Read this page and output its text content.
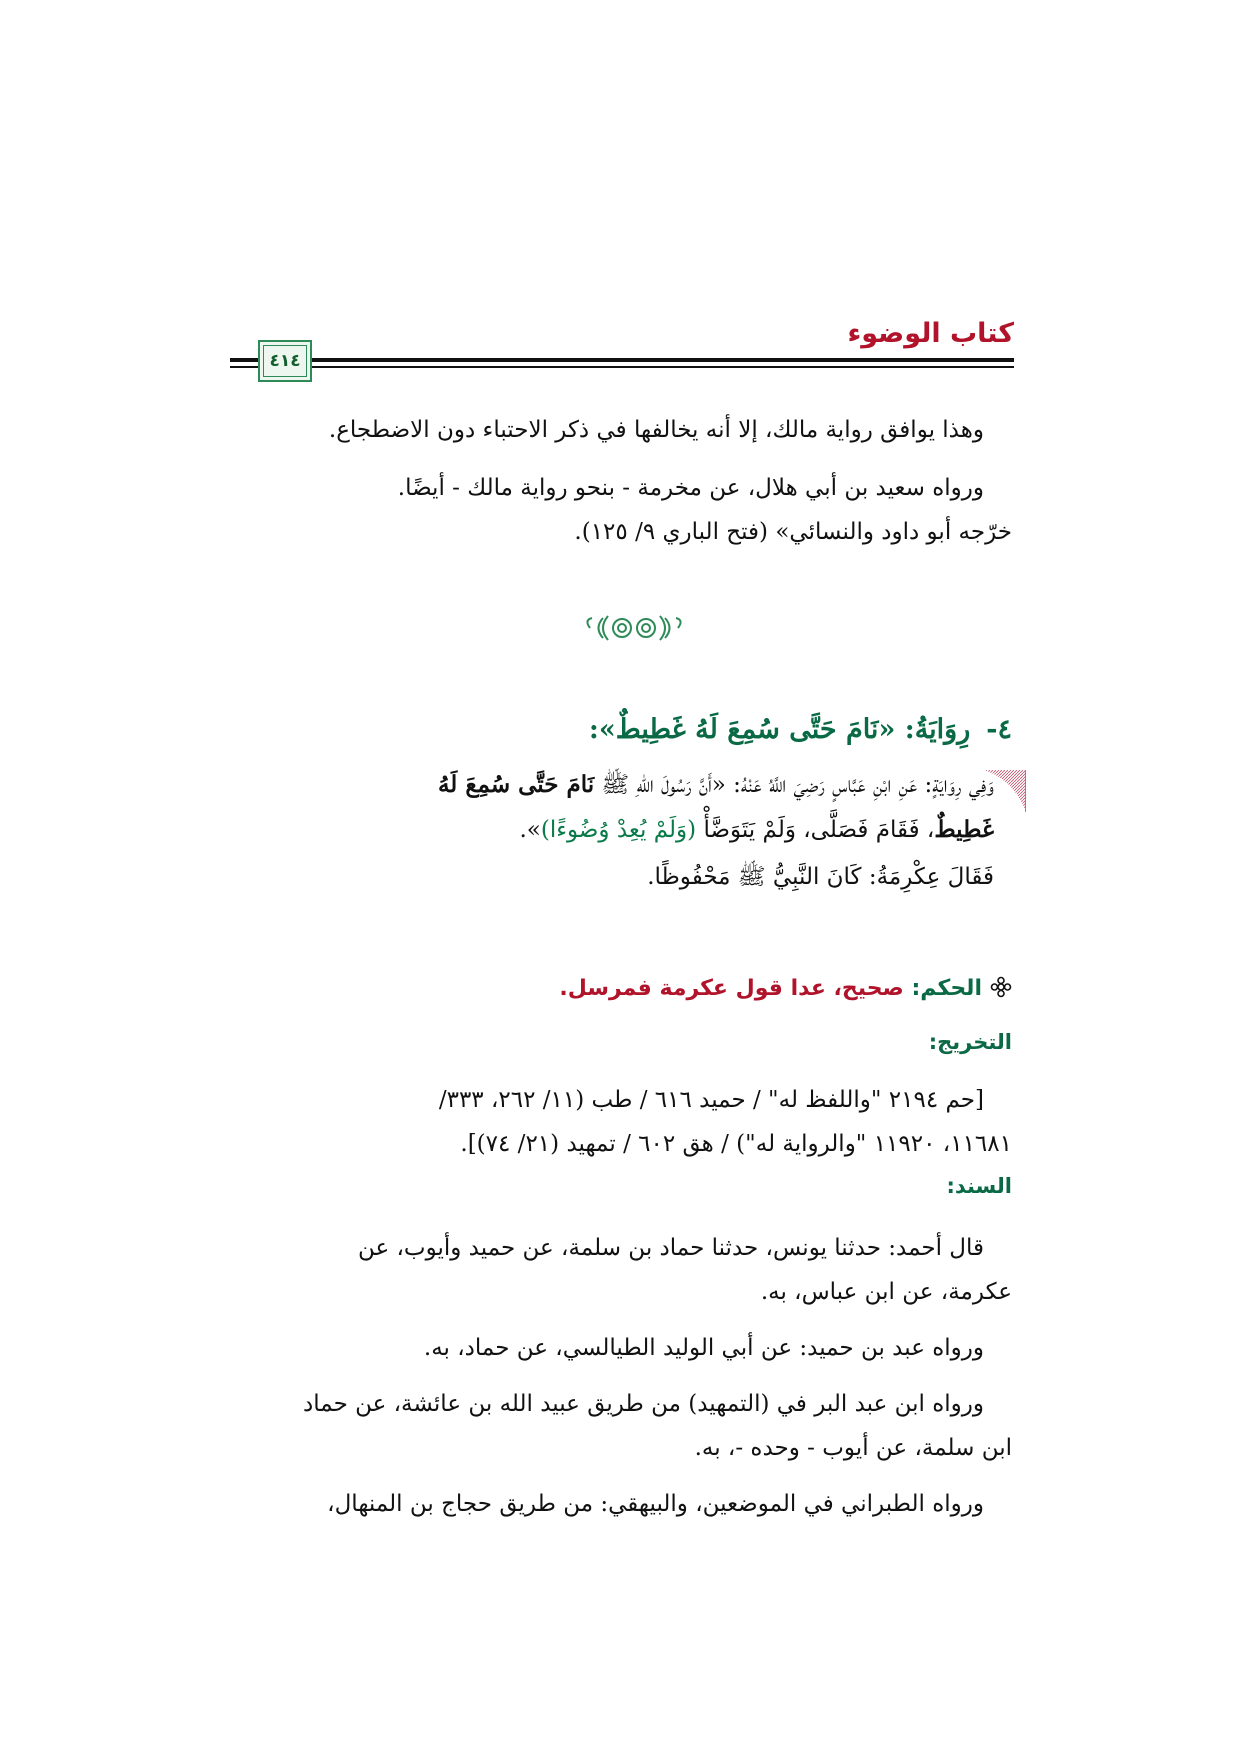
كتاب الوضوء
٤١٤
وهذا يوافق رواية مالك، إلا أنه يخالفها في ذكر الاحتباء دون الاضطجاع.
ورواه سعيد بن أبي هلال، عن مخرمة - بنحو رواية مالك - أيضًا.
خرّجه أبو داود والنسائي» (فتح الباري ٩/ ١٢٥).
٤-رِوَايَةُ: «نَامَ حَتَّى سُمِعَ لَهُ غَطِيطٌ»:
وَفِي رِوَايَةٍ: عَنِ ابْنِ عَبَّاسٍ رَضِيَ اللَّهُ عَنْهُ: «أَنَّ رَسُولَ اللهِ ﷺ نَامَ حَتَّى سُمِعَ لَهُ
غَطِيطٌ، فَقَامَ فَصَلَّى، وَلَمْ يَتَوَضَّأْ (وَلَمْ يُعِدْ وُضُوءًا)».
فَقَالَ عِكْرِمَةُ: كَانَ النَّبِيُّ ﷺ مَحْفُوظًا.
الحكم: صحيح، عدا قول عكرمة فمرسل.
التخريج:
[حم ٢١٩٤ "واللفظ له" / حميد ٦١٦ / طب (١١/ ٢٦٢، ٣٣٣/
١١٦٨١، ١١٩٢٠ "والرواية له") / هق ٦٠٢ / تمهيد (٢١/ ٧٤)].
السند:
قال أحمد: حدثنا يونس، حدثنا حماد بن سلمة، عن حميد وأيوب، عن
عكرمة، عن ابن عباس، به.
ورواه عبد بن حميد: عن أبي الوليد الطيالسي، عن حماد، به.
ورواه ابن عبد البر في (التمهيد) من طريق عبيد الله بن عائشة، عن حماد
ابن سلمة، عن أيوب - وحده -، به.
ورواه الطبراني في الموضعين، والبيهقي: من طريق حجاج بن المنهال،
